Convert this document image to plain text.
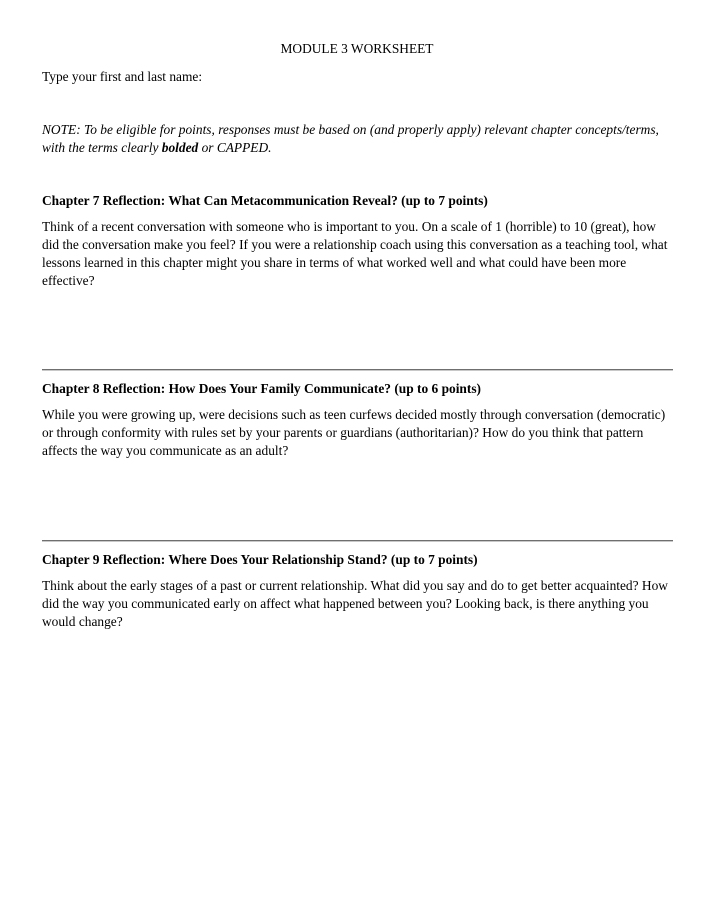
MODULE 3 WORKSHEET
Type your first and last name:
NOTE: To be eligible for points, responses must be based on (and properly apply) relevant chapter concepts/terms, with the terms clearly bolded or CAPPED.
Chapter 7 Reflection: What Can Metacommunication Reveal? (up to 7 points)
Think of a recent conversation with someone who is important to you. On a scale of 1 (horrible) to 10 (great), how did the conversation make you feel? If you were a relationship coach using this conversation as a teaching tool, what lessons learned in this chapter might you share in terms of what worked well and what could have been more effective?
Chapter 8 Reflection: How Does Your Family Communicate? (up to 6 points)
While you were growing up, were decisions such as teen curfews decided mostly through conversation (democratic) or through conformity with rules set by your parents or guardians (authoritarian)? How do you think that pattern affects the way you communicate as an adult?
Chapter 9 Reflection: Where Does Your Relationship Stand? (up to 7 points)
Think about the early stages of a past or current relationship. What did you say and do to get better acquainted? How did the way you communicated early on affect what happened between you? Looking back, is there anything you would change?
